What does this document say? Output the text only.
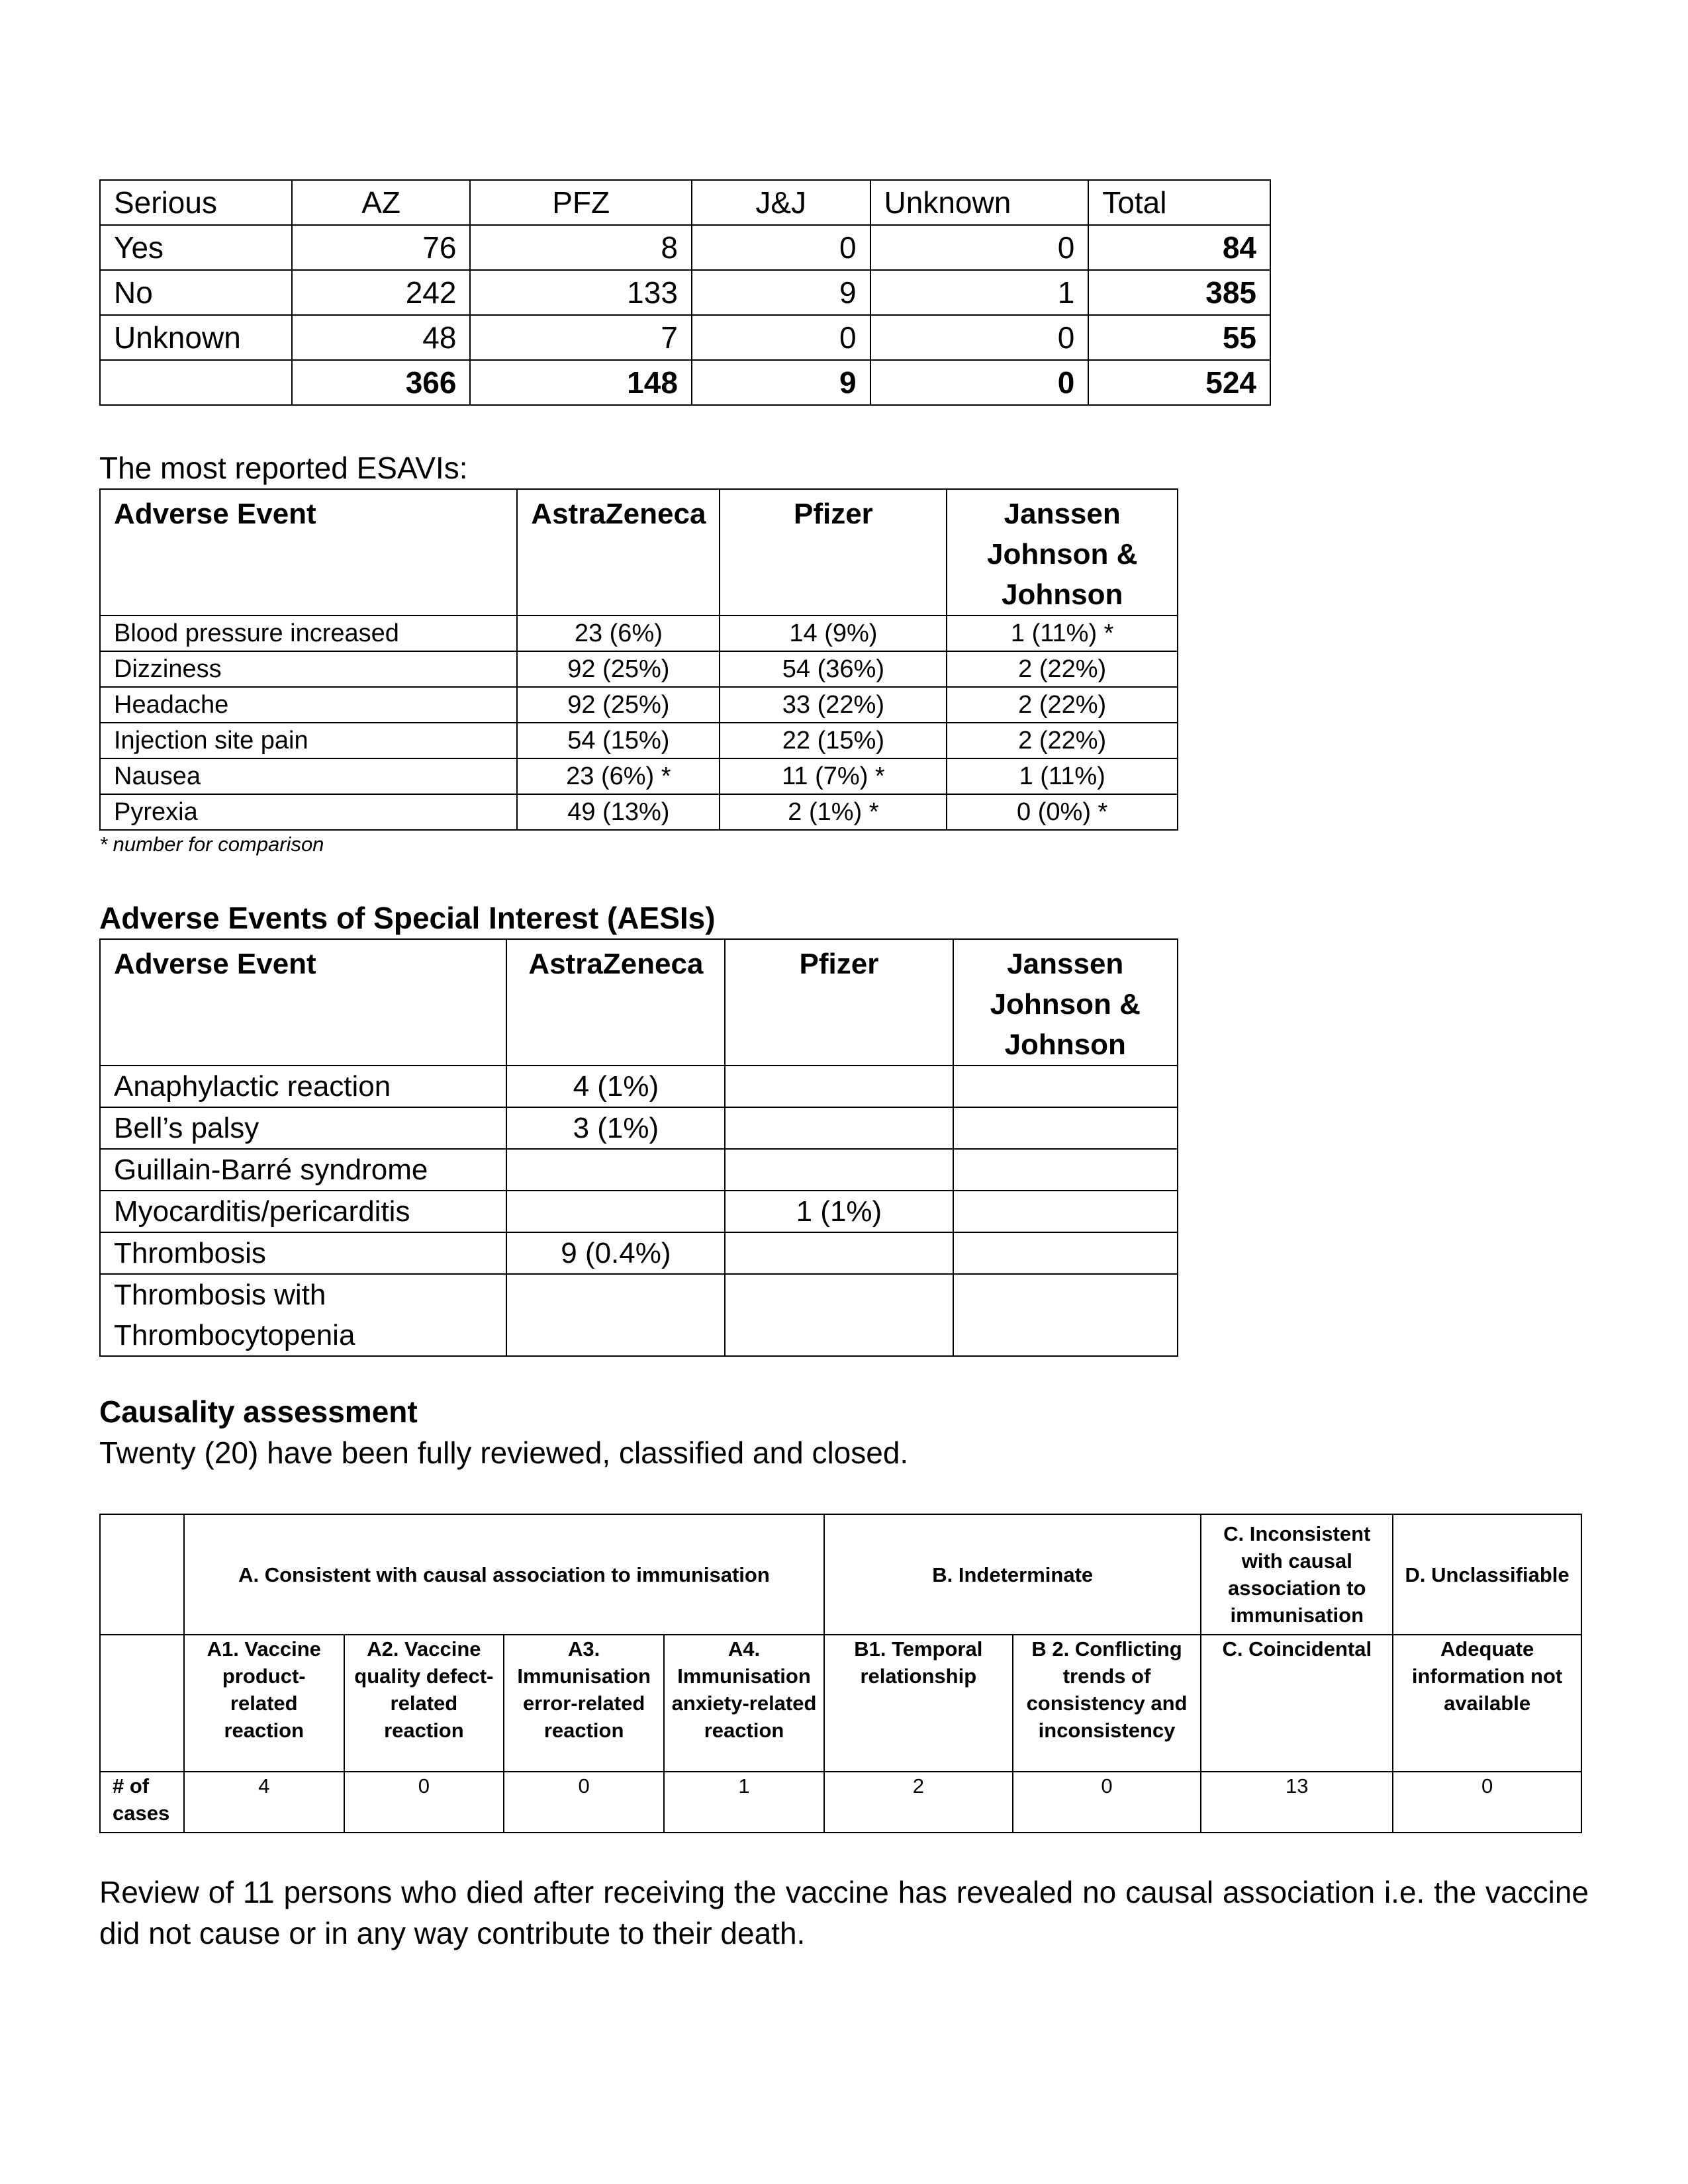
Serious	AZ	PFZ	J&J	Unknown	Total
Yes	76	8	0	0	84
No	242	133	9	1	385
Unknown	48	7	0	0	55
	366	148	9	0	524

The most reported ESAVIs:

Adverse Event	AstraZeneca	Pfizer	Janssen Johnson & Johnson
Blood pressure increased	23 (6%)	14 (9%)	1 (11%) *
Dizziness	92 (25%)	54 (36%)	2 (22%)
Headache	92 (25%)	33 (22%)	2 (22%)
Injection site pain	54 (15%)	22 (15%)	2 (22%)
Nausea	23 (6%) *	11 (7%) *	1 (11%)
Pyrexia	49 (13%)	2 (1%) *	0 (0%) *

* number for comparison

Adverse Events of Special Interest (AESIs)

Adverse Event	AstraZeneca	Pfizer	Janssen Johnson & Johnson
Anaphylactic reaction	4 (1%)		
Bell’s palsy	3 (1%)		
Guillain-Barré syndrome			
Myocarditis/pericarditis		1 (1%)	
Thrombosis	9 (0.4%)		
Thrombosis with Thrombocytopenia			

Causality assessment

Twenty (20) have been fully reviewed, classified and closed.

	A. Consistent with causal association to immunisation				B. Indeterminate		C. Inconsistent with causal association to immunisation	D. Unclassifiable
	A1. Vaccine product-related reaction	A2. Vaccine quality defect-related reaction	A3. Immunisation error-related reaction	A4. Immunisation anxiety-related reaction	B1. Temporal relationship	B 2. Conflicting trends of consistency and inconsistency	C. Coincidental	Adequate information not available
# of cases	4	0	0	1	2	0	13	0

Review of 11 persons who died after receiving the vaccine has revealed no causal association i.e. the vaccine did not cause or in any way contribute to their death.
